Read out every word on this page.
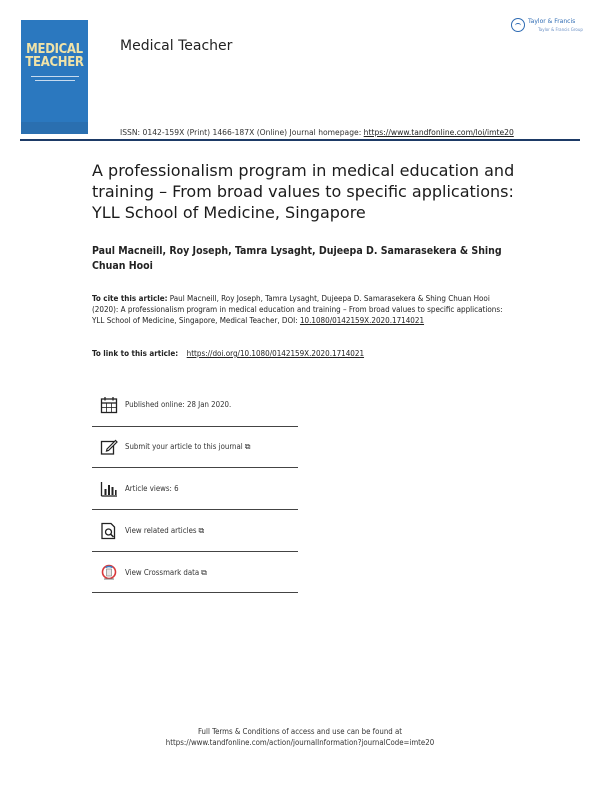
MEDICAL
TEACHER
Medical Teacher
ISSN: 0142-159X (Print) 1466-187X (Online) Journal homepage: https://www.tandfonline.com/loi/imte20
Taylor & Francis
Taylor & Francis Group
A professionalism program in medical education and training – From broad values to specific applications: YLL School of Medicine, Singapore
Paul Macneill, Roy Joseph, Tamra Lysaght, Dujeepa D. Samarasekera & Shing Chuan Hooi
To cite this article: Paul Macneill, Roy Joseph, Tamra Lysaght, Dujeepa D. Samarasekera & Shing Chuan Hooi (2020): A professionalism program in medical education and training – From broad values to specific applications: YLL School of Medicine, Singapore, Medical Teacher, DOI: 10.1080/0142159X.2020.1714021
To link to this article: https://doi.org/10.1080/0142159X.2020.1714021
Published online: 28 Jan 2020.
Submit your article to this journal ⧉
Article views: 6
View related articles ⧉
View Crossmark data ⧉
Full Terms & Conditions of access and use can be found at
https://www.tandfonline.com/action/journalInformation?journalCode=imte20
